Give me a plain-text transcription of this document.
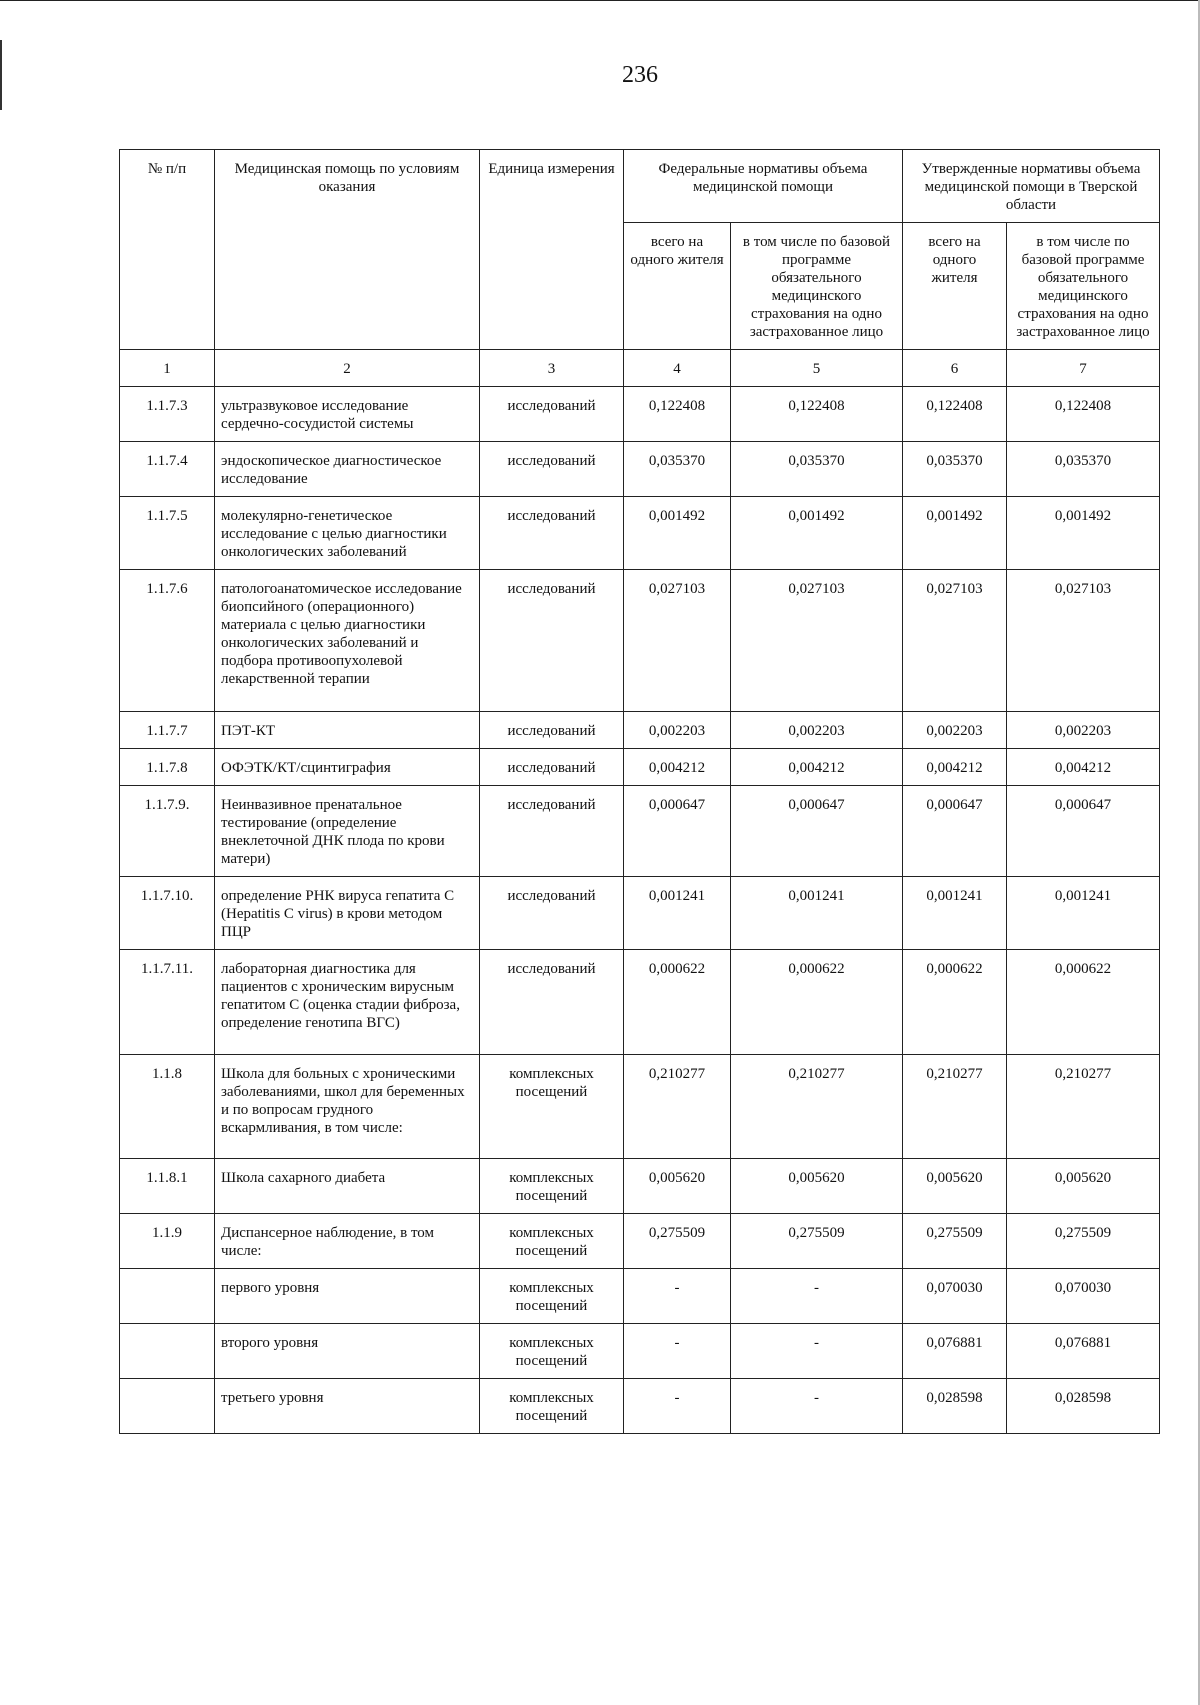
236
№ п/п	Медицинская помощь по условиям оказания	Единица измерения	Федеральные нормативы объема медицинской помощи		Утвержденные нормативы объема медицинской помощи в Тверской области	
			всего на одного жителя	в том числе по базовой программе обязательного медицинского страхования на одно застрахованное лицо	всего на одного жителя	в том числе по базовой программе обязательного медицинского страхования на одно застрахованное лицо
1	2	3	4	5	6	7
1.1.7.3	ультразвуковое исследование сердечно-сосудистой системы	исследований	0,122408	0,122408	0,122408	0,122408
1.1.7.4	эндоскопическое диагностическое исследование	исследований	0,035370	0,035370	0,035370	0,035370
1.1.7.5	молекулярно-генетическое исследование с целью диагностики онкологических заболеваний	исследований	0,001492	0,001492	0,001492	0,001492
1.1.7.6	патологоанатомическое исследование биопсийного (операционного) материала с целью диагностики онкологических заболеваний и подбора противоопухолевой лекарственной терапии	исследований	0,027103	0,027103	0,027103	0,027103
1.1.7.7	ПЭТ-КТ	исследований	0,002203	0,002203	0,002203	0,002203
1.1.7.8	ОФЭТК/КТ/сцинтиграфия	исследований	0,004212	0,004212	0,004212	0,004212
1.1.7.9.	Неинвазивное пренатальное тестирование (определение внеклеточной ДНК плода по крови матери)	исследований	0,000647	0,000647	0,000647	0,000647
1.1.7.10.	определение РНК вируса гепатита С (Hepatitis C virus) в крови методом ПЦР	исследований	0,001241	0,001241	0,001241	0,001241
1.1.7.11.	лабораторная диагностика для пациентов с хроническим вирусным гепатитом С (оценка стадии фиброза, определение генотипа ВГС)	исследований	0,000622	0,000622	0,000622	0,000622
1.1.8	Школа для больных с хроническими заболеваниями, школ для беременных и по вопросам грудного вскармливания, в том числе:	комплексных посещений	0,210277	0,210277	0,210277	0,210277
1.1.8.1	Школа сахарного диабета	комплексных посещений	0,005620	0,005620	0,005620	0,005620
1.1.9	Диспансерное наблюдение, в том числе:	комплексных посещений	0,275509	0,275509	0,275509	0,275509
	первого уровня	комплексных посещений	-	-	0,070030	0,070030
	второго уровня	комплексных посещений	-	-	0,076881	0,076881
	третьего уровня	комплексных посещений	-	-	0,028598	0,028598
